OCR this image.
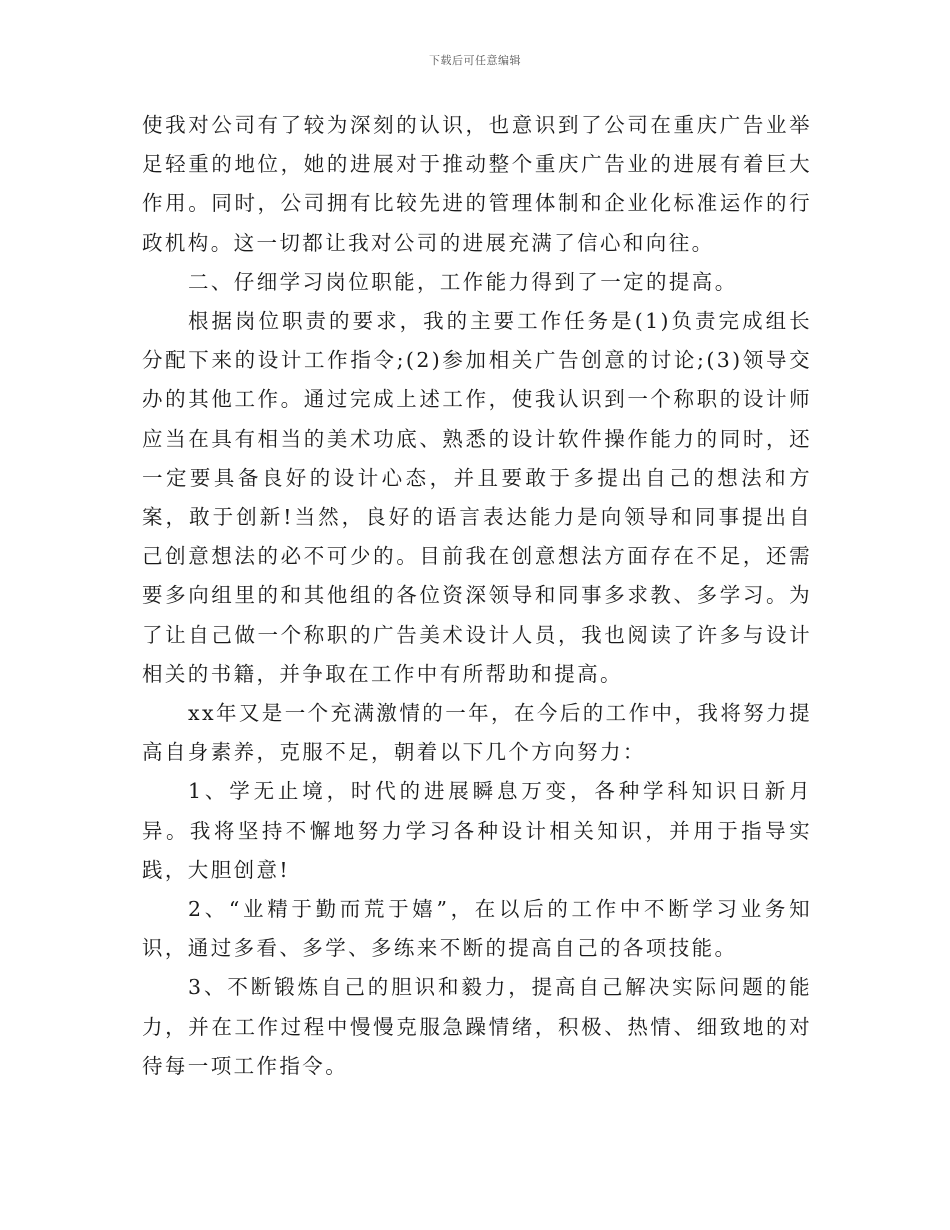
下载后可任意编辑

使我对公司有了较为深刻的认识，也意识到了公司在重庆广告业举足轻重的地位，她的进展对于推动整个重庆广告业的进展有着巨大作用。同时，公司拥有比较先进的管理体制和企业化标准运作的行政机构。这一切都让我对公司的进展充满了信心和向往。

二、仔细学习岗位职能，工作能力得到了一定的提高。

根据岗位职责的要求，我的主要工作任务是(1)负责完成组长分配下来的设计工作指令;(2)参加相关广告创意的讨论;(3)领导交办的其他工作。通过完成上述工作，使我认识到一个称职的设计师应当在具有相当的美术功底、熟悉的设计软件操作能力的同时，还一定要具备良好的设计心态，并且要敢于多提出自己的想法和方案，敢于创新!当然，良好的语言表达能力是向领导和同事提出自己创意想法的必不可少的。目前我在创意想法方面存在不足，还需要多向组里的和其他组的各位资深领导和同事多求教、多学习。为了让自己做一个称职的广告美术设计人员，我也阅读了许多与设计相关的书籍，并争取在工作中有所帮助和提高。

xx年又是一个充满激情的一年，在今后的工作中，我将努力提高自身素养，克服不足，朝着以下几个方向努力：

1、学无止境，时代的进展瞬息万变，各种学科知识日新月异。我将坚持不懈地努力学习各种设计相关知识，并用于指导实践，大胆创意!

2、“业精于勤而荒于嬉”，在以后的工作中不断学习业务知识，通过多看、多学、多练来不断的提高自己的各项技能。

3、不断锻炼自己的胆识和毅力，提高自己解决实际问题的能力，并在工作过程中慢慢克服急躁情绪，积极、热情、细致地的对待每一项工作指令。
